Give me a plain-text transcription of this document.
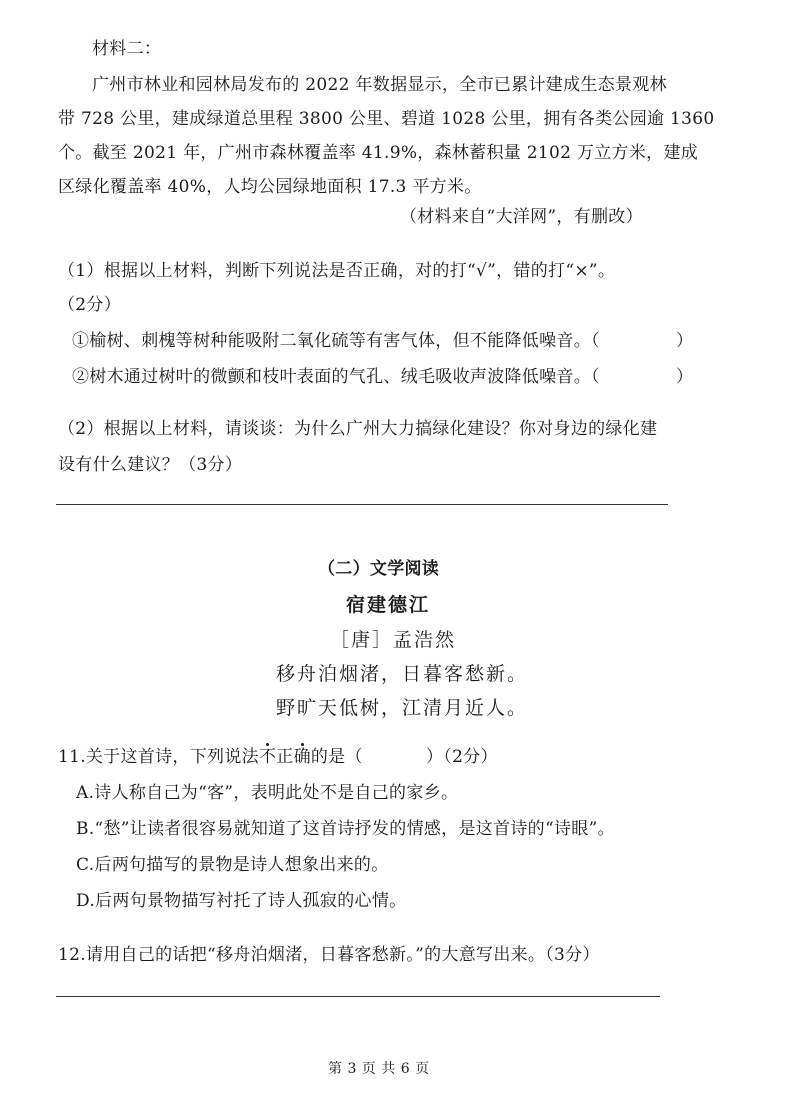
材料二：
广州市林业和园林局发布的 2022 年数据显示，全市已累计建成生态景观林
带 728 公里，建成绿道总里程 3800 公里、碧道 1028 公里，拥有各类公园逾 1360
个。截至 2021 年，广州市森林覆盖率 41.9%，森林蓄积量 2102 万立方米，建成
区绿化覆盖率 40%，人均公园绿地面积 17.3 平方米。
（材料来自“大洋网”，有删改）
（1）根据以上材料，判断下列说法是否正确，对的打“√”，错的打“×”。
（2分）
①榆树、刺槐等树种能吸附二氧化硫等有害气体，但不能降低噪音。（	）
②树木通过树叶的微颤和枝叶表面的气孔、绒毛吸收声波降低噪音。（	）
（2）根据以上材料，请谈谈：为什么广州大力搞绿化建设？你对身边的绿化建
设有什么建议？（3分）
（二）文学阅读
宿建德江
［唐］孟浩然
移舟泊烟渚，日暮客愁新。
野旷天低树，江清月近人。
11.关于这首诗，下列说法不正确的是（	）（2分）
A.诗人称自己为“客”，表明此处不是自己的家乡。
B.“愁”让读者很容易就知道了这首诗抒发的情感，是这首诗的“诗眼”。
C.后两句描写的景物是诗人想象出来的。
D.后两句景物描写衬托了诗人孤寂的心情。
12.请用自己的话把“移舟泊烟渚，日暮客愁新。”的大意写出来。（3分）
第 3 页 共 6 页
